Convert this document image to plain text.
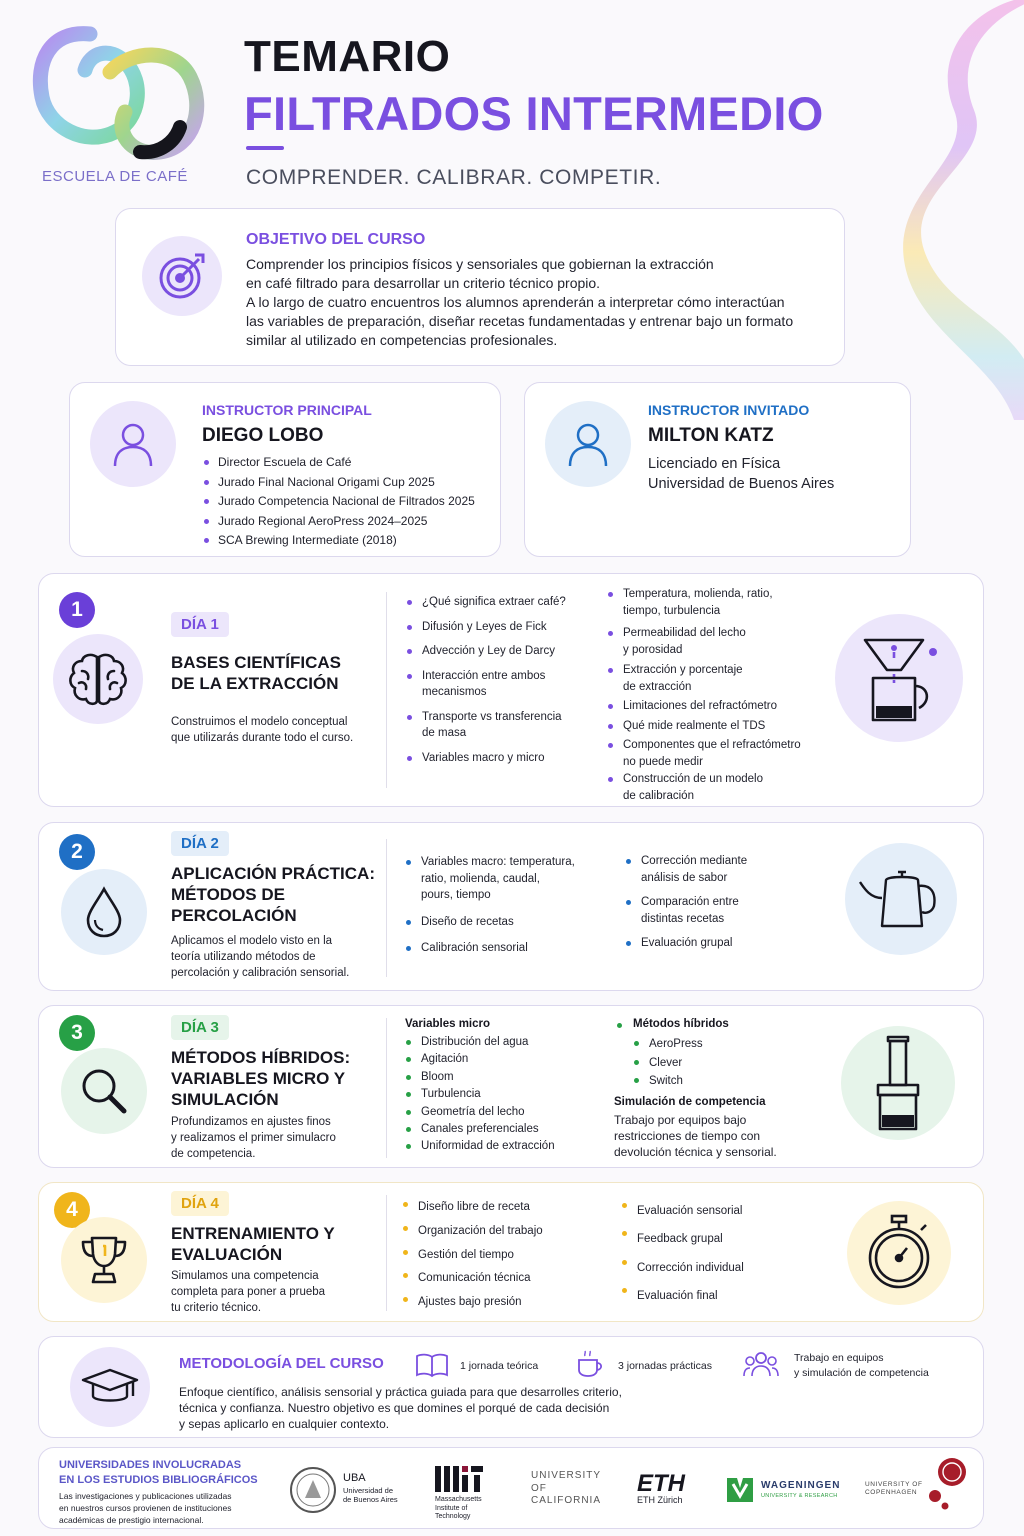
ESCUELA DE CAFÉ
TEMARIO
FILTRADOS INTERMEDIO
COMPRENDER. CALIBRAR. COMPETIR.
OBJETIVO DEL CURSO
Comprender los principios físicos y sensoriales que gobiernan la extracción
en café filtrado para desarrollar un criterio técnico propio.
A lo largo de cuatro encuentros los alumnos aprenderán a interpretar cómo interactúan
las variables de preparación, diseñar recetas fundamentadas y entrenar bajo un formato
similar al utilizado en competencias profesionales.
INSTRUCTOR PRINCIPAL
DIEGO LOBO
Director Escuela de Café
Jurado Final Nacional Origami Cup 2025
Jurado Competencia Nacional de Filtrados 2025
Jurado Regional AeroPress 2024–2025
SCA Brewing Intermediate (2018)
INSTRUCTOR INVITADO
MILTON KATZ
Licenciado en Física
Universidad de Buenos Aires
1
DÍA 1
BASES CIENTÍFICAS
DE LA EXTRACCIÓN
Construimos el modelo conceptual
que utilizarás durante todo el curso.
¿Qué significa extraer café?
Difusión y Leyes de Fick
Advección y Ley de Darcy
Interacción entre ambos
mecanismos
Transporte vs transferencia
de masa
Variables macro y micro
Temperatura, molienda, ratio,
tiempo, turbulencia
Permeabilidad del lecho
y porosidad
Extracción y porcentaje
de extracción
Limitaciones del refractómetro
Qué mide realmente el TDS
Componentes que el refractómetro
no puede medir
Construcción de un modelo
de calibración
2	DÍA 2
APLICACIÓN PRÁCTICA:
MÉTODOS DE
PERCOLACIÓN
Aplicamos el modelo visto en la
teoría utilizando métodos de
percolación y calibración sensorial.
Variables macro: temperatura,
ratio, molienda, caudal,
pours, tiempo
Diseño de recetas
Calibración sensorial
Corrección mediante
análisis de sabor
Comparación entre
distintas recetas
Evaluación grupal
3	DÍA 3
MÉTODOS HÍBRIDOS:
VARIABLES MICRO Y
SIMULACIÓN
Profundizamos en ajustes finos
y realizamos el primer simulacro
de competencia.
Variables micro
Distribución del agua
Agitación
Bloom
Turbulencia
Geometría del lecho
Canales preferenciales
Uniformidad de extracción
Métodos híbridos
AeroPress
Clever
Switch
Simulación de competencia
Trabajo por equipos bajo
restricciones de tiempo con
devolución técnica y sensorial.
4	DÍA 4
ENTRENAMIENTO Y
EVALUACIÓN
Simulamos una competencia
completa para poner a prueba
tu criterio técnico.
Diseño libre de receta
Organización del trabajo
Gestión del tiempo
Comunicación técnica
Ajustes bajo presión
Evaluación sensorial
Feedback grupal
Corrección individual
Evaluación final
METODOLOGÍA DEL CURSO	1 jornada teórica	3 jornadas prácticas
Trabajo en equipos
y simulación de competencia
Enfoque científico, análisis sensorial y práctica guiada para que desarrolles criterio,
técnica y confianza. Nuestro objetivo es que domines el porqué de cada decisión
y sepas aplicarlo en cualquier contexto.
UNIVERSIDADES INVOLUCRADAS
EN LOS ESTUDIOS BIBLIOGRÁFICOS
Las investigaciones y publicaciones utilizadas
en nuestros cursos provienen de instituciones
académicas de prestigio internacional.
UBA
Universidad de
de Buenos Aires	Massachusetts
Institute of
Technology
UNIVERSITY
OF
CALIFORNIA
ETH
ETH Zürich
WAGENINGEN
UNIVERSITY & RESEARCH
UNIVERSITY OF
COPENHAGEN
